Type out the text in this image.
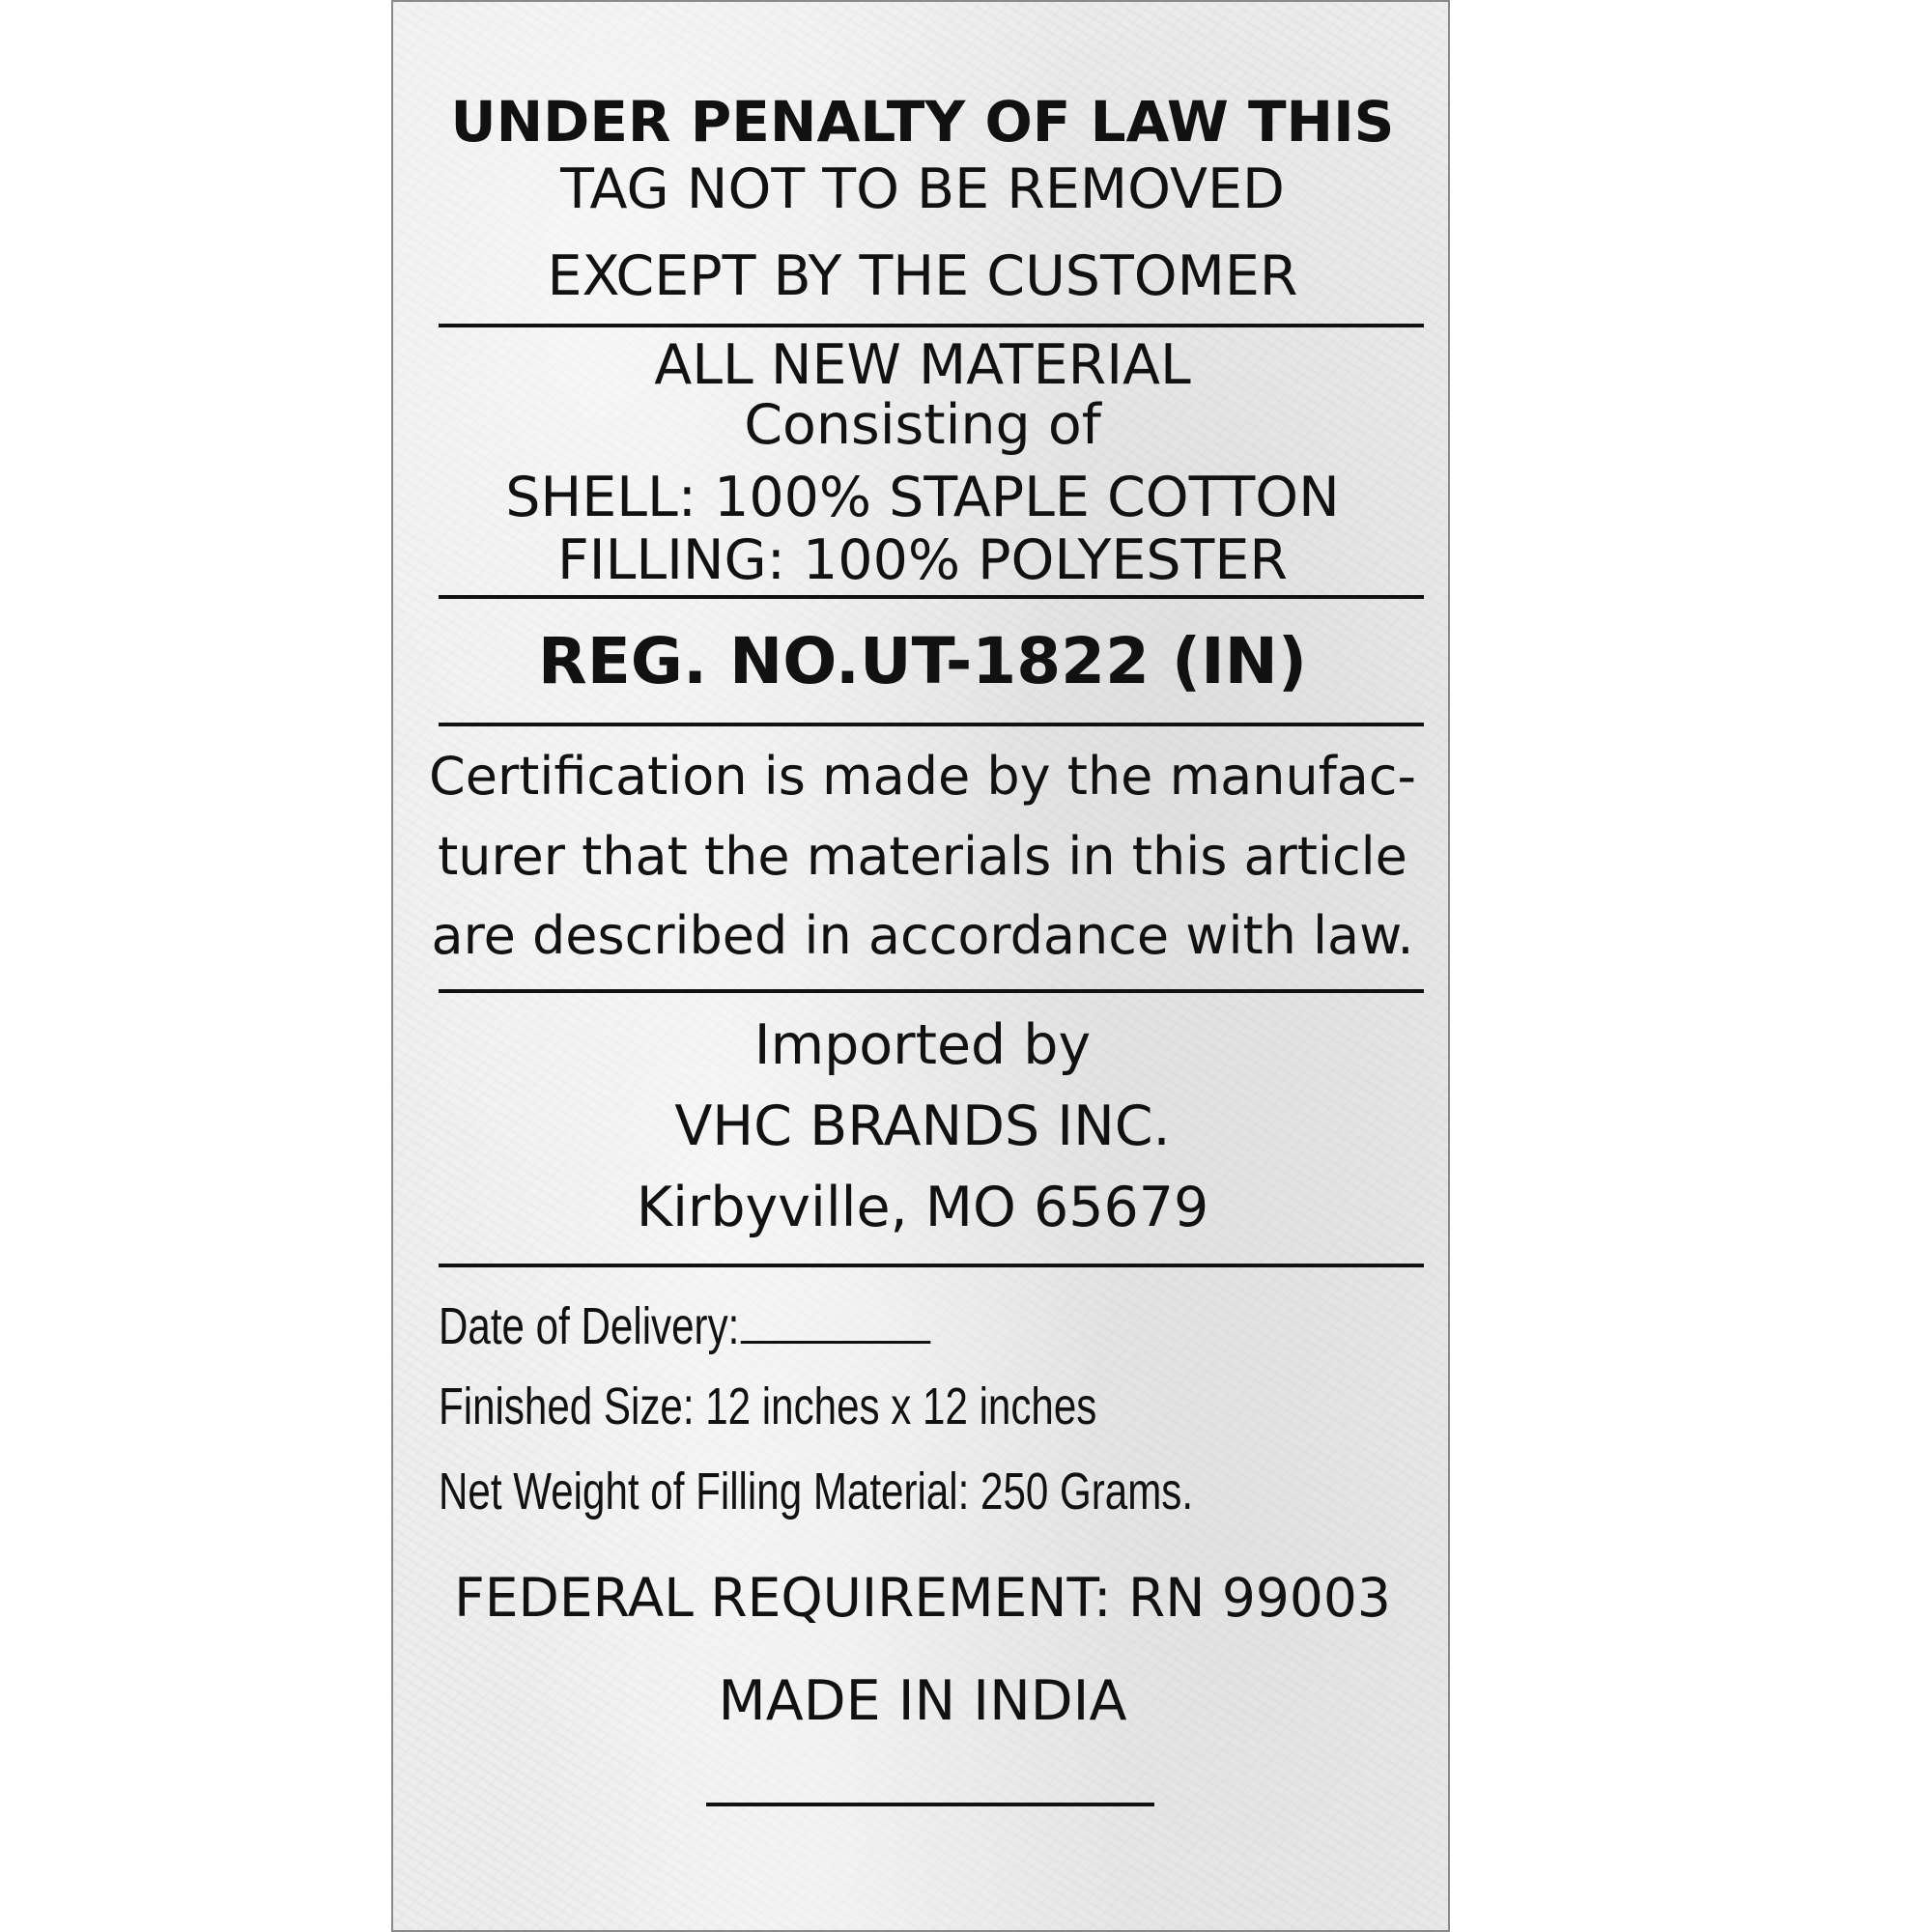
UNDER PENALTY OF LAW THIS
TAG NOT TO BE REMOVED
EXCEPT BY THE CUSTOMER
ALL NEW MATERIAL
Consisting of
SHELL: 100% STAPLE COTTON
FILLING: 100% POLYESTER
REG. NO.UT-1822 (IN)
Certification is made by the manufac-
turer that the materials in this article
are described in accordance with law.
Imported by
VHC BRANDS INC.
Kirbyville, MO 65679
Date of Delivery:
Finished Size: 12 inches x 12 inches
Net Weight of Filling Material: 250 Grams.
FEDERAL REQUIREMENT: RN 99003
MADE IN INDIA
